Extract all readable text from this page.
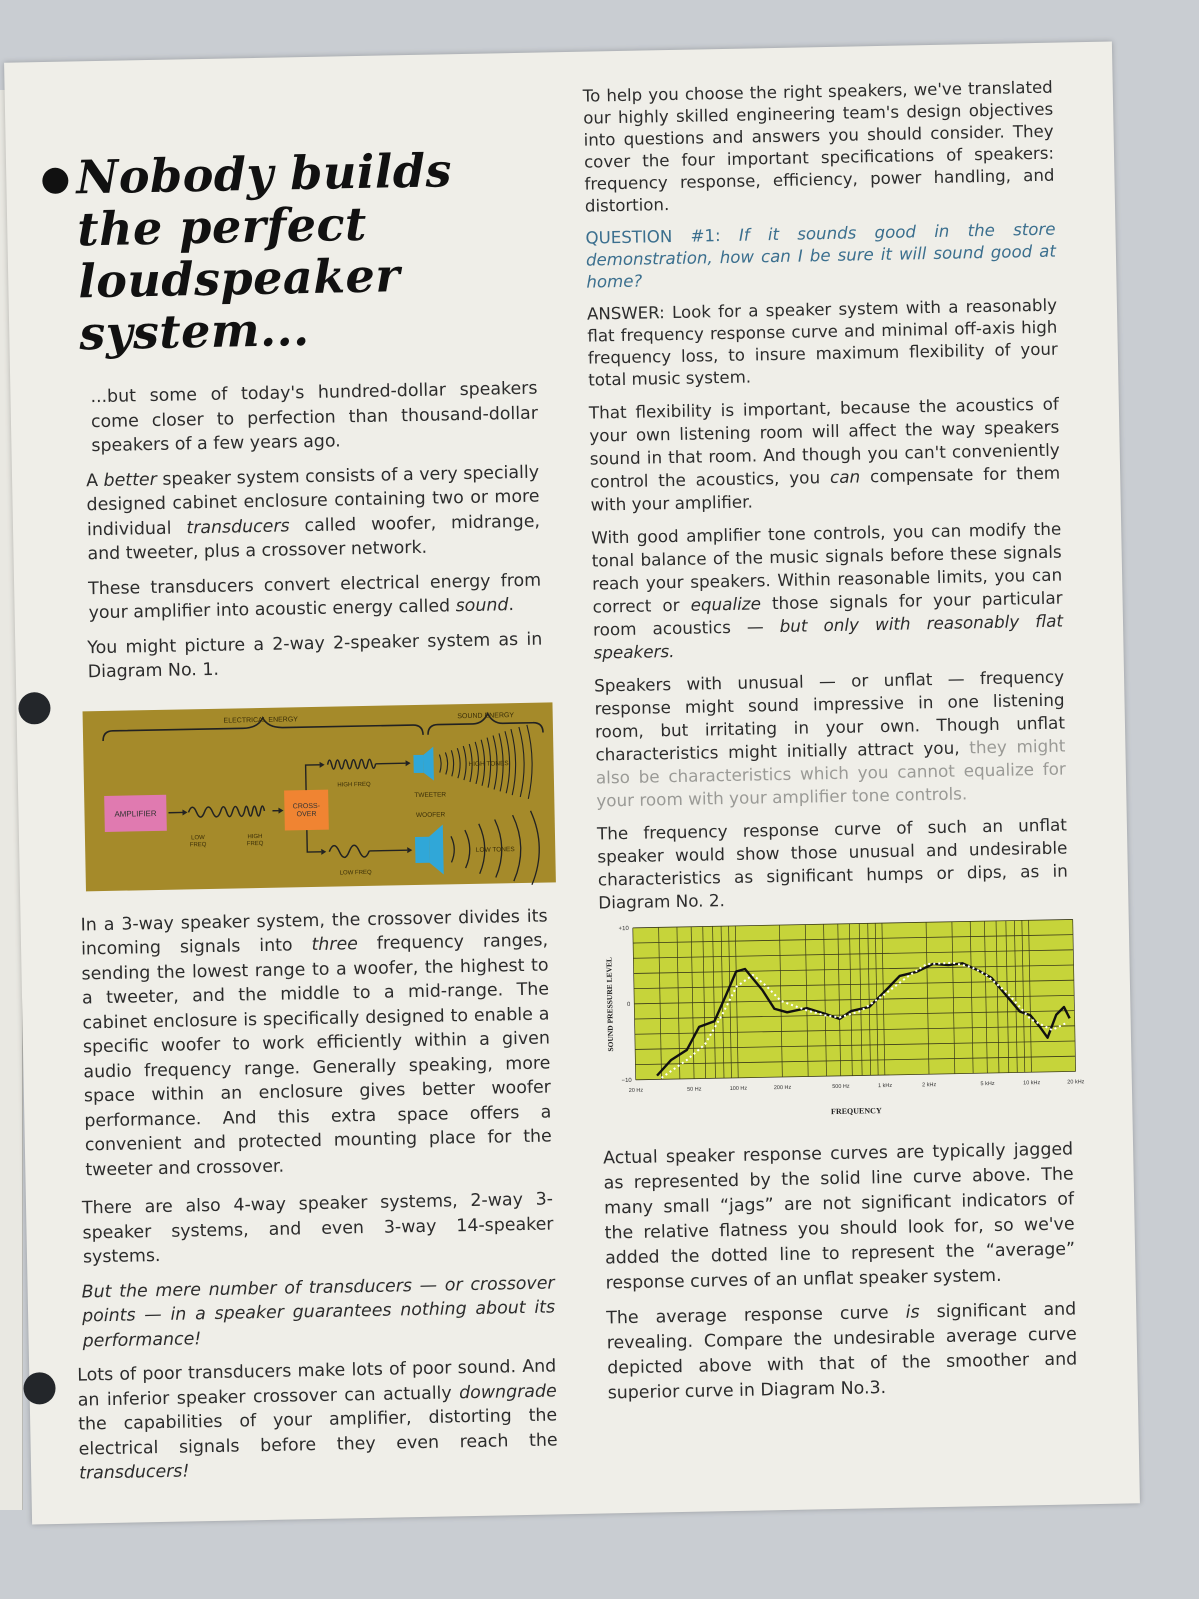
Nobody builds
the perfect
loudspeaker
system...

...but some of today's hundred-dollar speakers come closer to perfection than thousand-dollar speakers of a few years ago.

A better speaker system consists of a very specially designed cabinet enclosure containing two or more individual transducers called woofer, midrange, and tweeter, plus a crossover network.

These transducers convert electrical energy from your amplifier into acoustic energy called sound.

You might picture a 2-way 2-speaker system as in Diagram No. 1.

ELECTRICAL ENERGY
SOUND ENERGY
AMPLIFIER
LOW
FREQ
HIGH
FREQ
CROSS-
OVER
HIGH FREQ
LOW FREQ
TWEETER
HIGH TONES
WOOFER
LOW TONES

In a 3-way speaker system, the crossover divides its incoming signals into three frequency ranges, sending the lowest range to a woofer, the highest to a tweeter, and the middle to a mid-range. The cabinet enclosure is specifically designed to enable a specific woofer to work efficiently within a given audio frequency range. Generally speaking, more space within an enclosure gives better woofer performance. And this extra space offers a convenient and protected mounting place for the tweeter and crossover.

There are also 4-way speaker systems, 2-way 3-speaker systems, and even 3-way 14-speaker systems.

But the mere number of transducers — or crossover points — in a speaker guarantees nothing about its performance!

Lots of poor transducers make lots of poor sound. And an inferior speaker crossover can actually downgrade the capabilities of your amplifier, distorting the electrical signals before they even reach the transducers!

To help you choose the right speakers, we've translated our highly skilled engineering team's design objectives into questions and answers you should consider. They cover the four important specifications of speakers: frequency response, efficiency, power handling, and distortion.

QUESTION #1: If it sounds good in the store demonstration, how can I be sure it will sound good at home?

ANSWER: Look for a speaker system with a reasonably flat frequency response curve and minimal off-axis high frequency loss, to insure maximum flexibility of your total music system.

That flexibility is important, because the acoustics of your own listening room will affect the way speakers sound in that room. And though you can't conveniently control the acoustics, you can compensate for them with your amplifier.

With good amplifier tone controls, you can modify the tonal balance of the music signals before these signals reach your speakers. Within reasonable limits, you can correct or equalize those signals for your particular room acoustics — but only with reasonably flat speakers.

Speakers with unusual — or unflat — frequency response might sound impressive in one listening room, but irritating in your own. Though unflat characteristics might initially attract you, they might also be characteristics which you cannot equalize for your room with your amplifier tone controls.

The frequency response curve of such an unflat speaker would show those unusual and undesirable characteristics as significant humps or dips, as in Diagram No. 2.

+10
0
−10
20 Hz	50 Hz	100 Hz	200 Hz	500 Hz	1 kHz	2 kHz	5 kHz	10 kHz	20 kHz
SOUND PRESSURE LEVEL
FREQUENCY

Actual speaker response curves are typically jagged as represented by the solid line curve above. The many small “jags” are not significant indicators of the relative flatness you should look for, so we've added the dotted line to represent the “average” response curves of an unflat speaker system.

The average response curve is significant and revealing. Compare the undesirable average curve depicted above with that of the smoother and superior curve in Diagram No.3.
